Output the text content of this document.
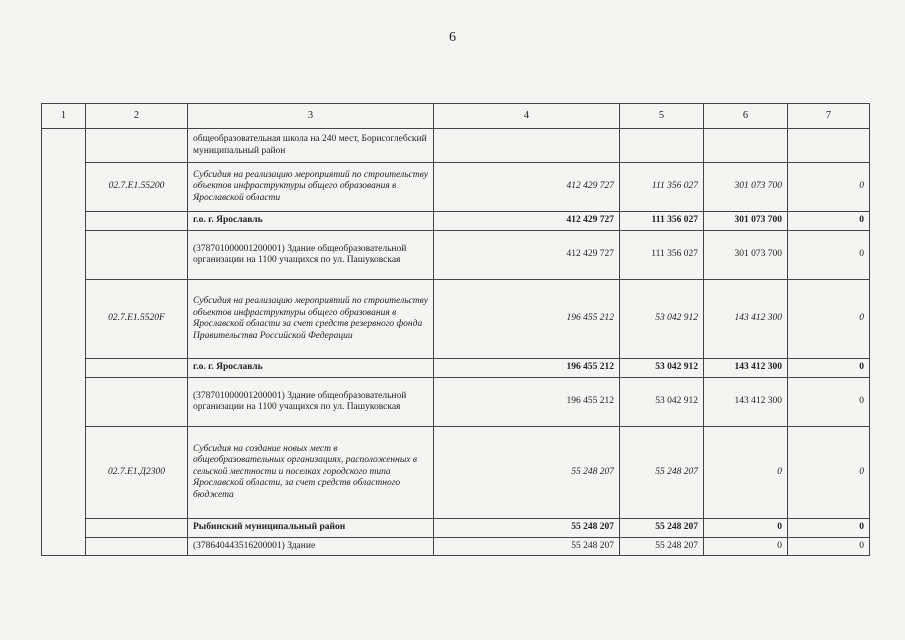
6
1	2	3	4	5	6	7
		общеобразовательная школа на 240 мест, Борисоглебский муниципальный район				
	02.7.Е1.55200	Субсидия на реализацию мероприятий по строительству объектов инфраструктуры общего образования в Ярославской области	412 429 727	111 356 027	301 073 700	0
		г.о. г. Ярославль	412 429 727	111 356 027	301 073 700	0
		(378701000001200001) Здание общеобразовательной организации на 1100 учащихся по ул. Пашуковская	412 429 727	111 356 027	301 073 700	0
	02.7.Е1.5520F	Субсидия на реализацию мероприятий по строительству объектов инфраструктуры общего образования в Ярославской области за счет средств резервного фонда Правительства Российской Федерации	196 455 212	53 042 912	143 412 300	0
		г.о. г. Ярославль	196 455 212	53 042 912	143 412 300	0
		(378701000001200001) Здание общеобразовательной организации на 1100 учащихся по ул. Пашуковская	196 455 212	53 042 912	143 412 300	0
	02.7.Е1.Д2300	Субсидия на создание новых мест в общеобразовательных организациях, расположенных в сельской местности и поселках городского типа Ярославской области, за счет средств областного бюджета	55 248 207	55 248 207	0	0
		Рыбинский муниципальный район	55 248 207	55 248 207	0	0
		(378640443516200001) Здание	55 248 207	55 248 207	0	0
